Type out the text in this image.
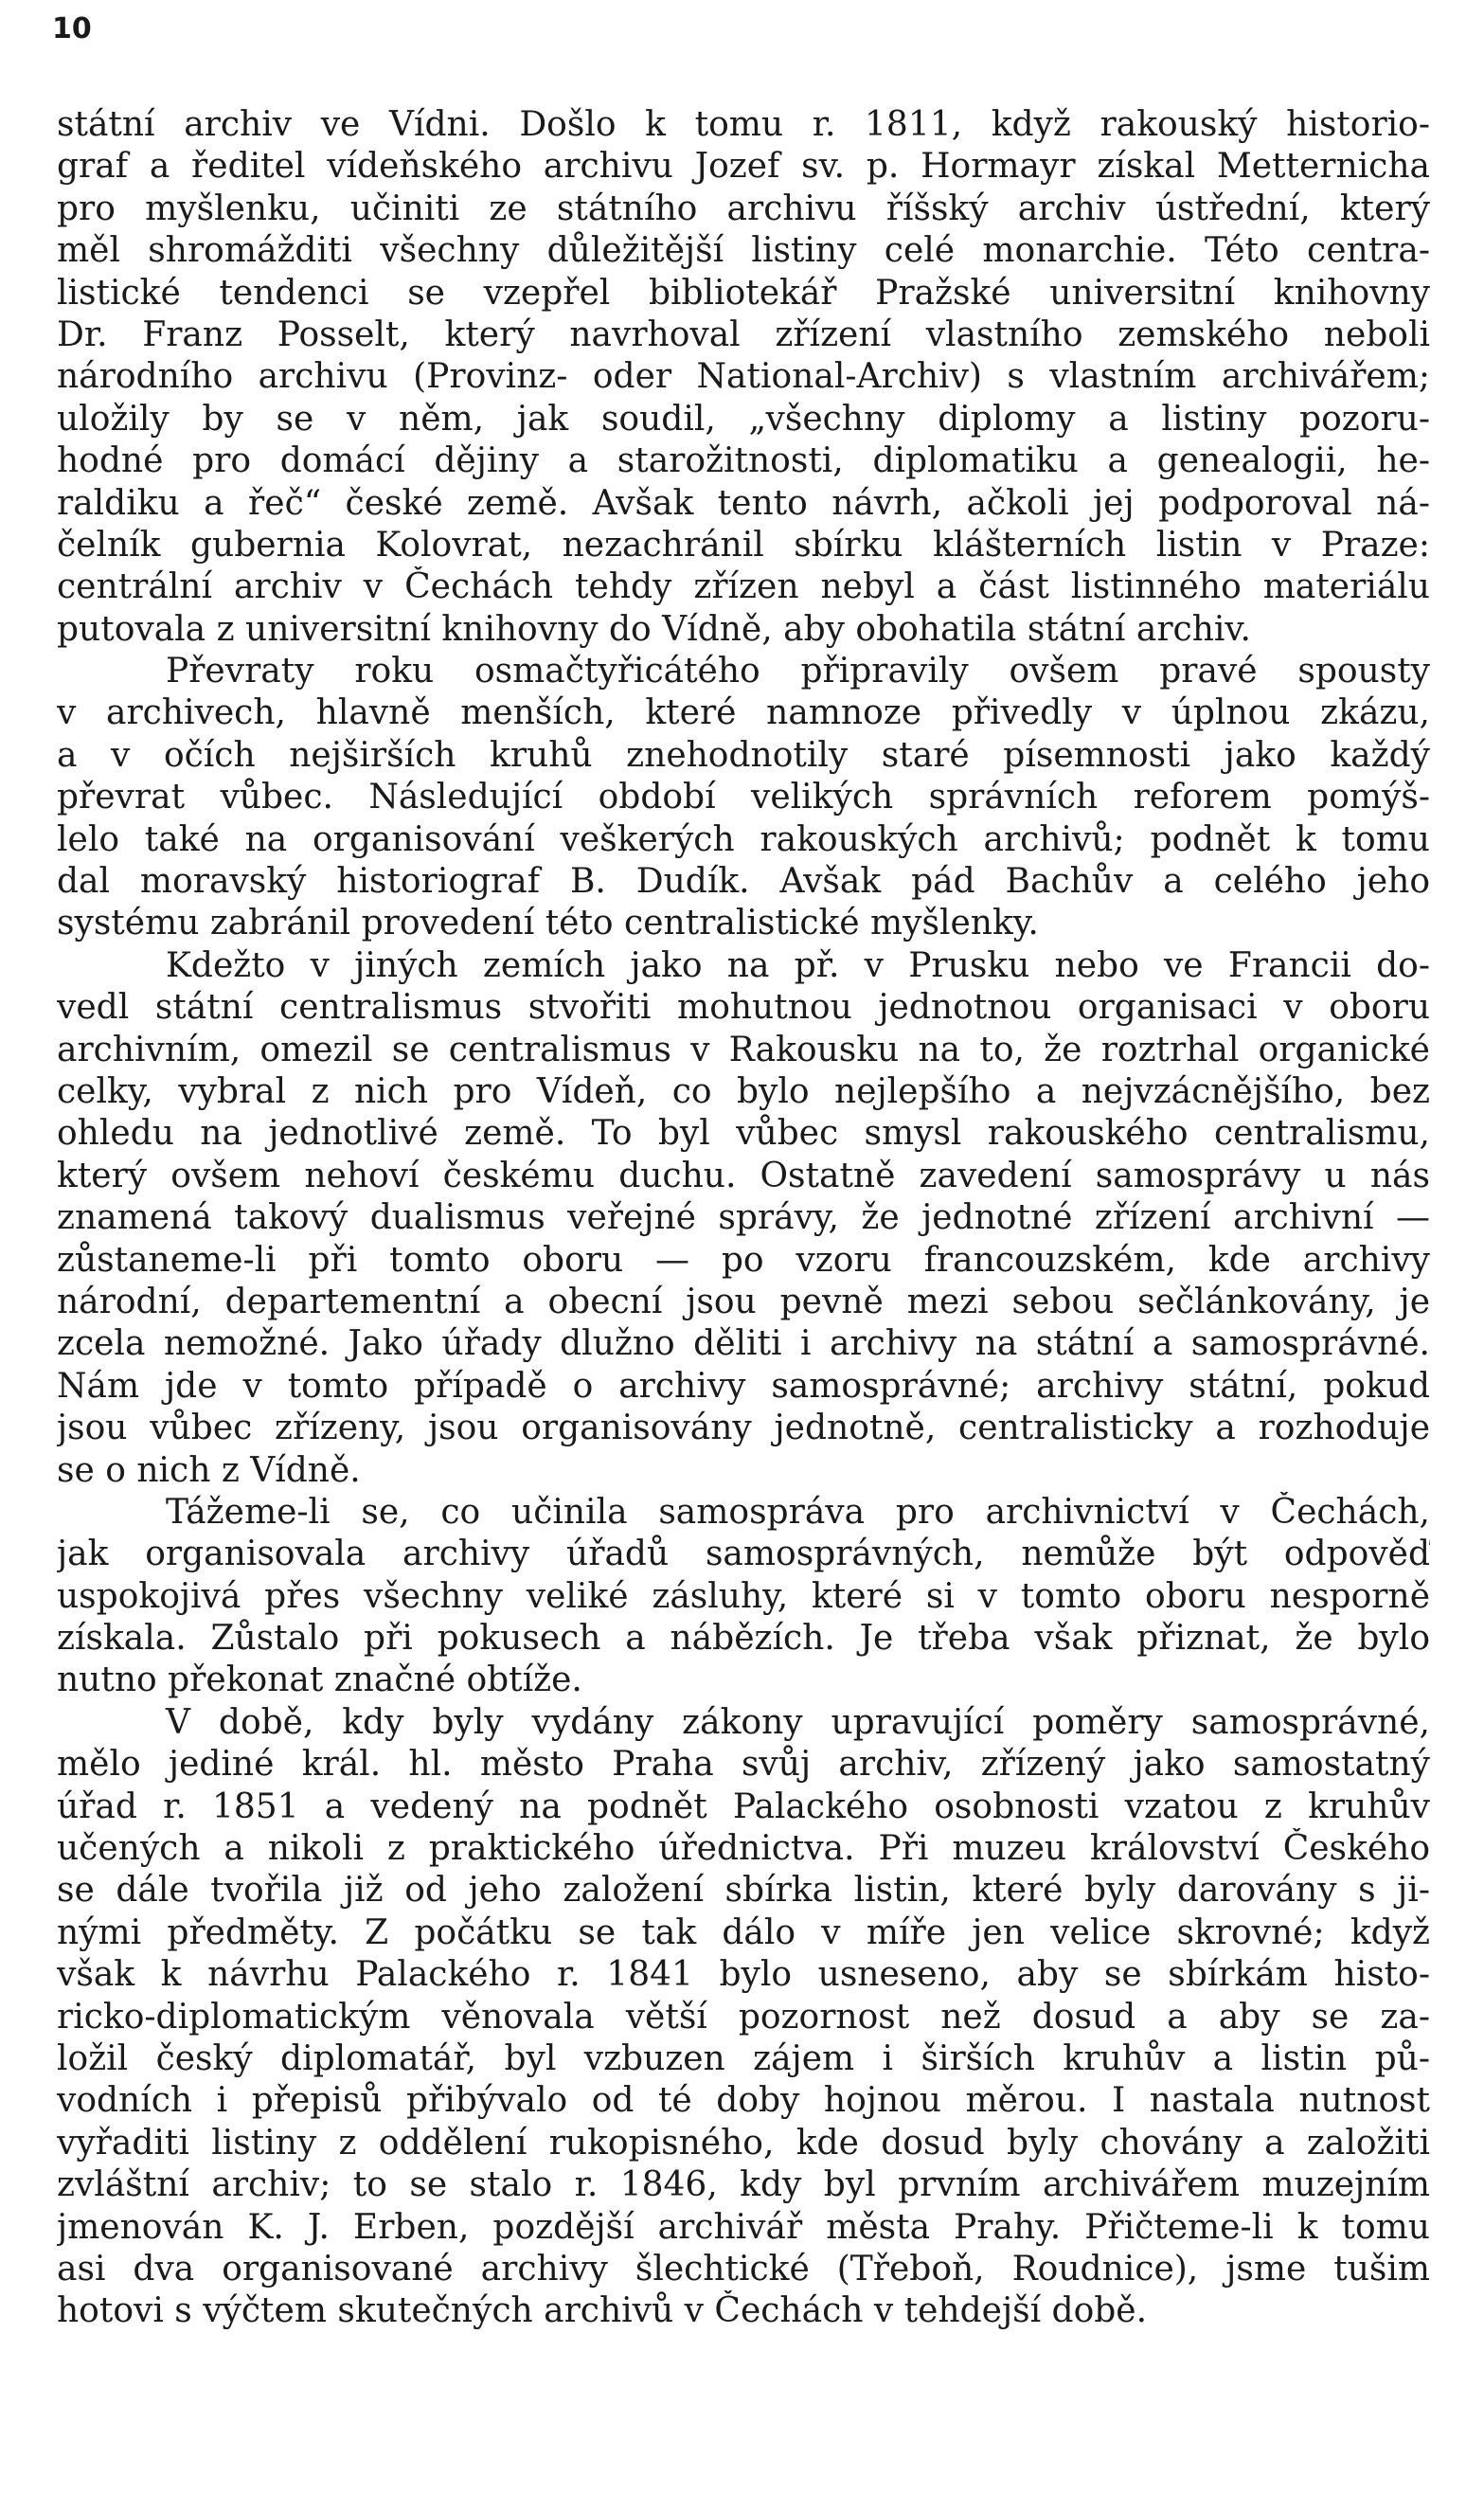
10
státní archiv ve Vídni. Došlo k tomu r. 1811, když rakouský historio-
graf a ředitel vídeňského archivu Jozef sv. p. Hormayr získal Metternicha
pro myšlenku, učiniti ze státního archivu říšský archiv ústřední, který
měl shromážditi všechny důležitější listiny celé monarchie. Této centra-
listické tendenci se vzepřel bibliotekář Pražské universitní knihovny
Dr. Franz Posselt, který navrhoval zřízení vlastního zemského neboli
národního archivu (Provinz- oder National-Archiv) s vlastním archivářem;
uložily by se v něm, jak soudil, „všechny diplomy a listiny pozoru-
hodné pro domácí dějiny a starožitnosti, diplomatiku a genealogii, he-
raldiku a řeč“ české země. Avšak tento návrh, ačkoli jej podporoval ná-
čelník gubernia Kolovrat, nezachránil sbírku klášterních listin v Praze:
centrální archiv v Čechách tehdy zřízen nebyl a část listinného materiálu
putovala z universitní knihovny do Vídně, aby obohatila státní archiv.
Převraty roku osmačtyřicátého připravily ovšem pravé spousty
v archivech, hlavně menších, které namnoze přivedly v úplnou zkázu,
a v očích nejširších kruhů znehodnotily staré písemnosti jako každý
převrat vůbec. Následující období velikých správních reforem pomýš-
lelo také na organisování veškerých rakouských archivů; podnět k tomu
dal moravský historiograf B. Dudík. Avšak pád Bachův a celého jeho
systému zabránil provedení této centralistické myšlenky.
Kdežto v jiných zemích jako na př. v Prusku nebo ve Francii do-
vedl státní centralismus stvořiti mohutnou jednotnou organisaci v oboru
archivním, omezil se centralismus v Rakousku na to, že roztrhal organické
celky, vybral z nich pro Vídeň, co bylo nejlepšího a nejvzácnějšího, bez
ohledu na jednotlivé země. To byl vůbec smysl rakouského centralismu,
který ovšem nehoví českému duchu. Ostatně zavedení samosprávy u nás
znamená takový dualismus veřejné správy, že jednotné zřízení archivní —
zůstaneme-li při tomto oboru — po vzoru francouzském, kde archivy
národní, departementní a obecní jsou pevně mezi sebou sečlánkovány, je
zcela nemožné. Jako úřady dlužno děliti i archivy na státní a samosprávné.
Nám jde v tomto případě o archivy samosprávné; archivy státní, pokud
jsou vůbec zřízeny, jsou organisovány jednotně, centralisticky a rozhoduje
se o nich z Vídně.
Tážeme-li se, co učinila samospráva pro archivnictví v Čechách,
jak organisovala archivy úřadů samosprávných, nemůže být odpověď
uspokojivá přes všechny veliké zásluhy, které si v tomto oboru nesporně
získala. Zůstalo při pokusech a nábězích. Je třeba však přiznat, že bylo
nutno překonat značné obtíže.
V době, kdy byly vydány zákony upravující poměry samosprávné,
mělo jediné král. hl. město Praha svůj archiv, zřízený jako samostatný
úřad r. 1851 a vedený na podnět Palackého osobnosti vzatou z kruhův
učených a nikoli z praktického úřednictva. Při muzeu království Českého
se dále tvořila již od jeho založení sbírka listin, které byly darovány s ji-
nými předměty. Z počátku se tak dálo v míře jen velice skrovné; když
však k návrhu Palackého r. 1841 bylo usneseno, aby se sbírkám histo-
ricko-diplomatickým věnovala větší pozornost než dosud a aby se za-
ložil český diplomatář, byl vzbuzen zájem i širších kruhův a listin pů-
vodních i přepisů přibývalo od té doby hojnou měrou. I nastala nutnost
vyřaditi listiny z oddělení rukopisného, kde dosud byly chovány a založiti
zvláštní archiv; to se stalo r. 1846, kdy byl prvním archivářem muzejním
jmenován K. J. Erben, pozdější archivář města Prahy. Přičteme-li k tomu
asi dva organisované archivy šlechtické (Třeboň, Roudnice), jsme tušim
hotovi s výčtem skutečných archivů v Čechách v tehdejší době.
